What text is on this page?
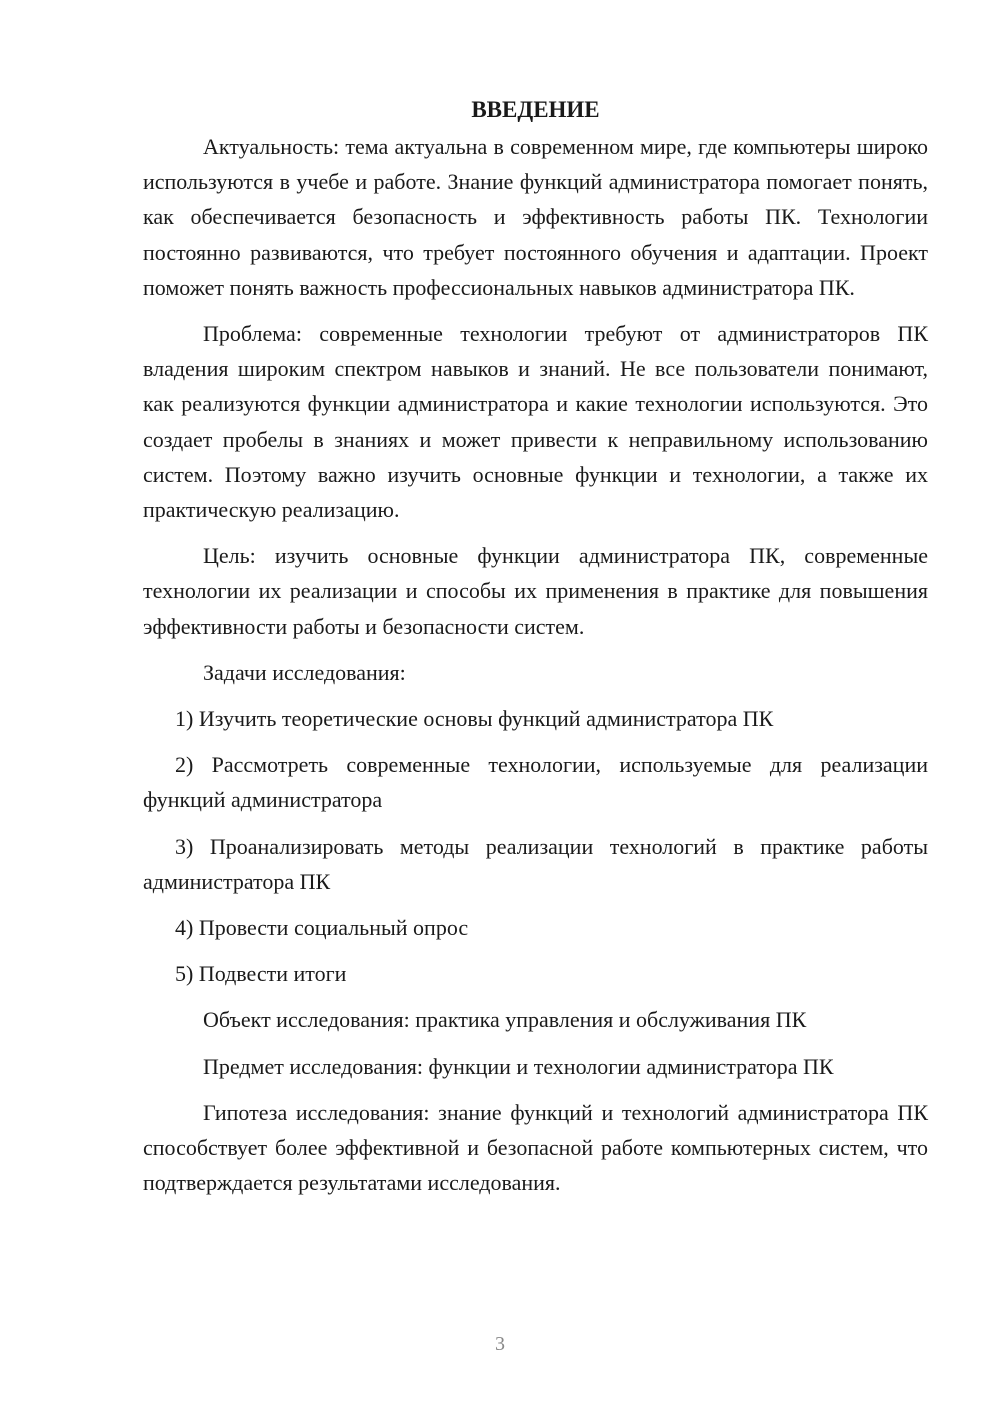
ВВЕДЕНИЕ

Актуальность: тема актуальна в современном мире, где компьютеры широко используются в учебе и работе. Знание функций администратора помогает понять, как обеспечивается безопасность и эффективность работы ПК. Технологии постоянно развиваются, что требует постоянного обучения и адаптации. Проект поможет понять важность профессиональных навыков администратора ПК.

Проблема: современные технологии требуют от администраторов ПК владения широким спектром навыков и знаний. Не все пользователи понимают, как реализуются функции администратора и какие технологии используются. Это создает пробелы в знаниях и может привести к неправильному использованию систем. Поэтому важно изучить основные функции и технологии, а также их практическую реализацию.

Цель: изучить основные функции администратора ПК, современные технологии их реализации и способы их применения в практике для повышения эффективности работы и безопасности систем.

Задачи исследования:

1) Изучить теоретические основы функций администратора ПК

2) Рассмотреть современные технологии, используемые для реализации функций администратора

3) Проанализировать методы реализации технологий в практике работы администратора ПК

4) Провести социальный опрос

5) Подвести итоги

Объект исследования: практика управления и обслуживания ПК

Предмет исследования: функции и технологии администратора ПК

Гипотеза исследования: знание функций и технологий администратора ПК способствует более эффективной и безопасной работе компьютерных систем, что подтверждается результатами исследования.

3
